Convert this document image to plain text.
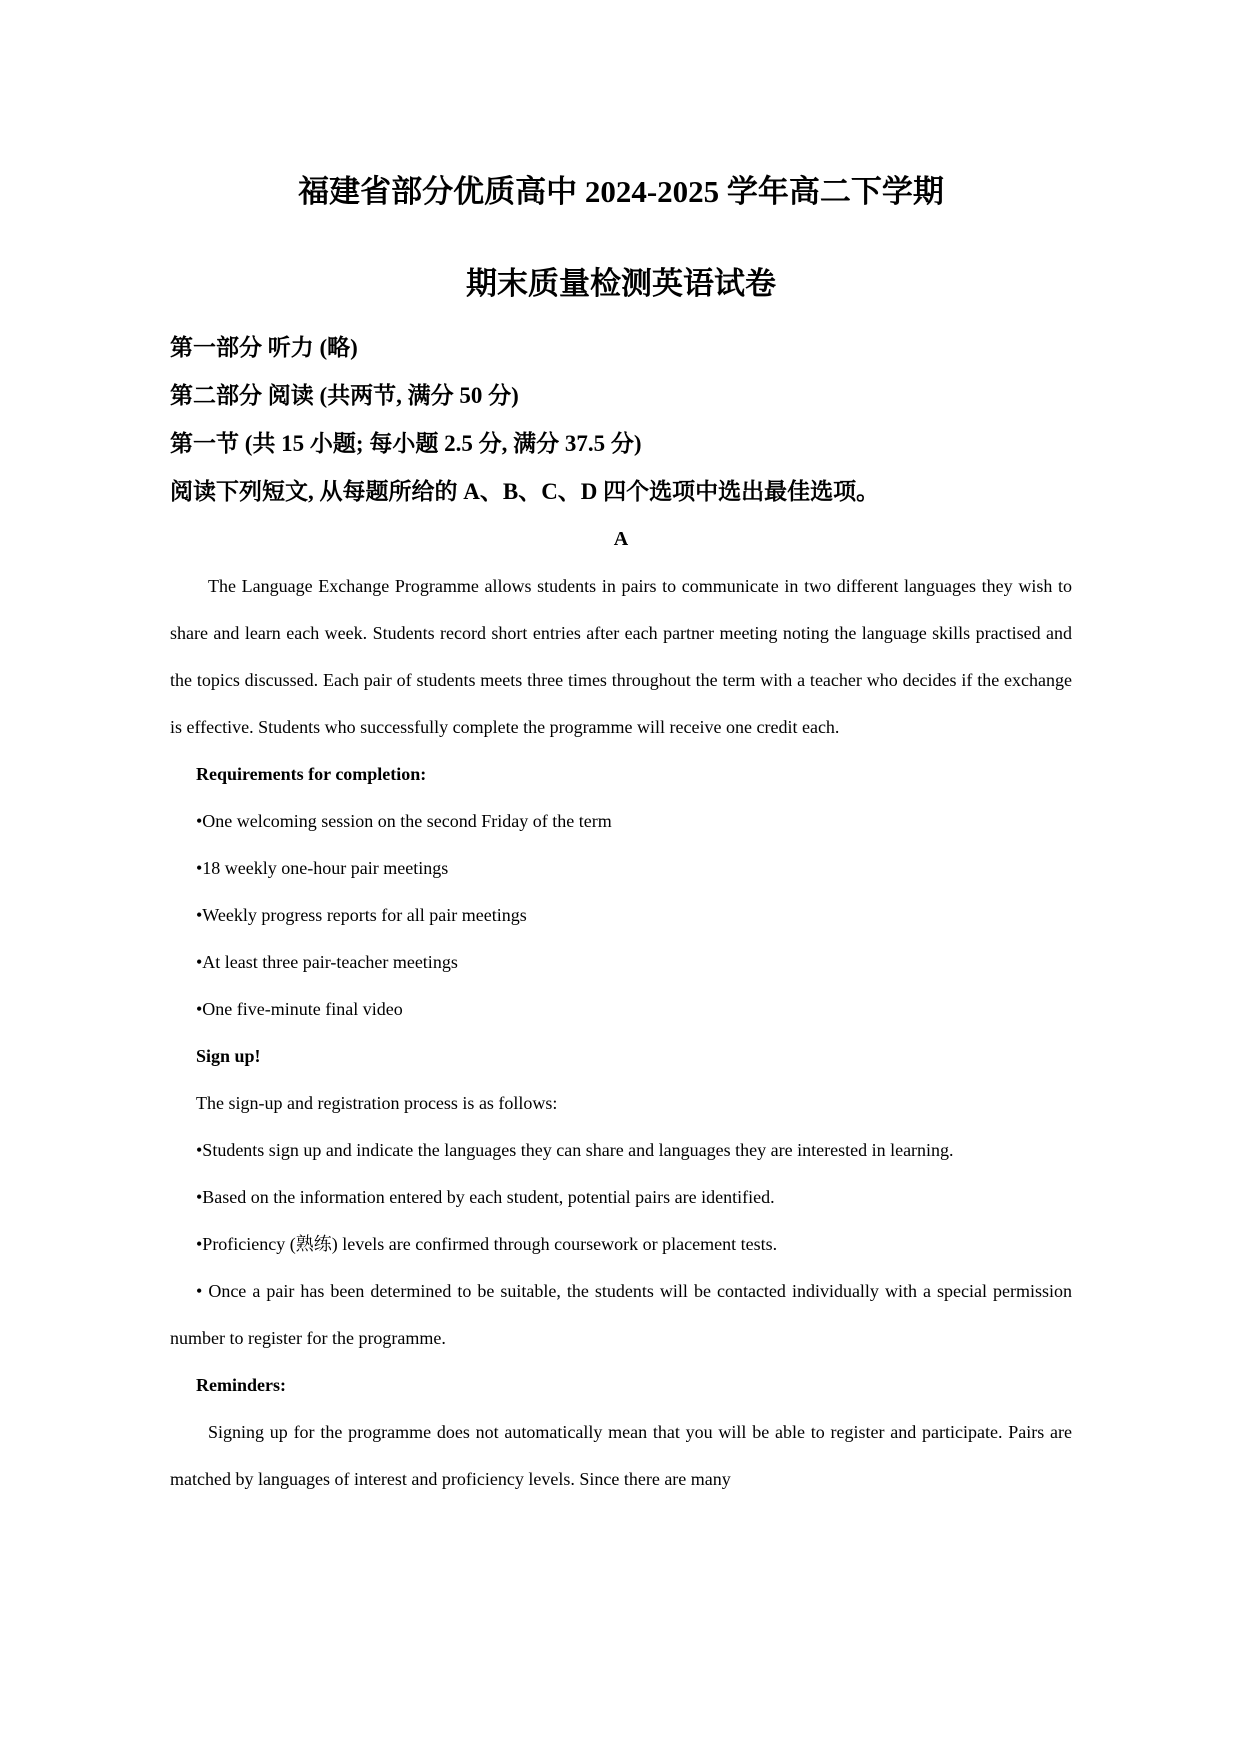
福建省部分优质高中 2024-2025 学年高二下学期
期末质量检测英语试卷
第一部分 听力 (略)
第二部分 阅读 (共两节, 满分 50 分)
第一节 (共 15 小题; 每小题 2.5 分, 满分 37.5 分)
阅读下列短文, 从每题所给的 A、B、C、D 四个选项中选出最佳选项。
A

The Language Exchange Programme allows students in pairs to communicate in two different languages they wish to share and learn each week. Students record short entries after each partner meeting noting the language skills practised and the topics discussed. Each pair of students meets three times throughout the term with a teacher who decides if the exchange is effective. Students who successfully complete the programme will receive one credit each.

Requirements for completion:

•One welcoming session on the second Friday of the term

•18 weekly one-hour pair meetings

•Weekly progress reports for all pair meetings

•At least three pair-teacher meetings

•One five-minute final video

Sign up!

The sign-up and registration process is as follows:

•Students sign up and indicate the languages they can share and languages they are interested in learning.

•Based on the information entered by each student, potential pairs are identified.

•Proficiency (熟练) levels are confirmed through coursework or placement tests.

• Once a pair has been determined to be suitable, the students will be contacted individually with a special permission number to register for the programme.

Reminders:

Signing up for the programme does not automatically mean that you will be able to register and participate. Pairs are matched by languages of interest and proficiency levels. Since there are many
